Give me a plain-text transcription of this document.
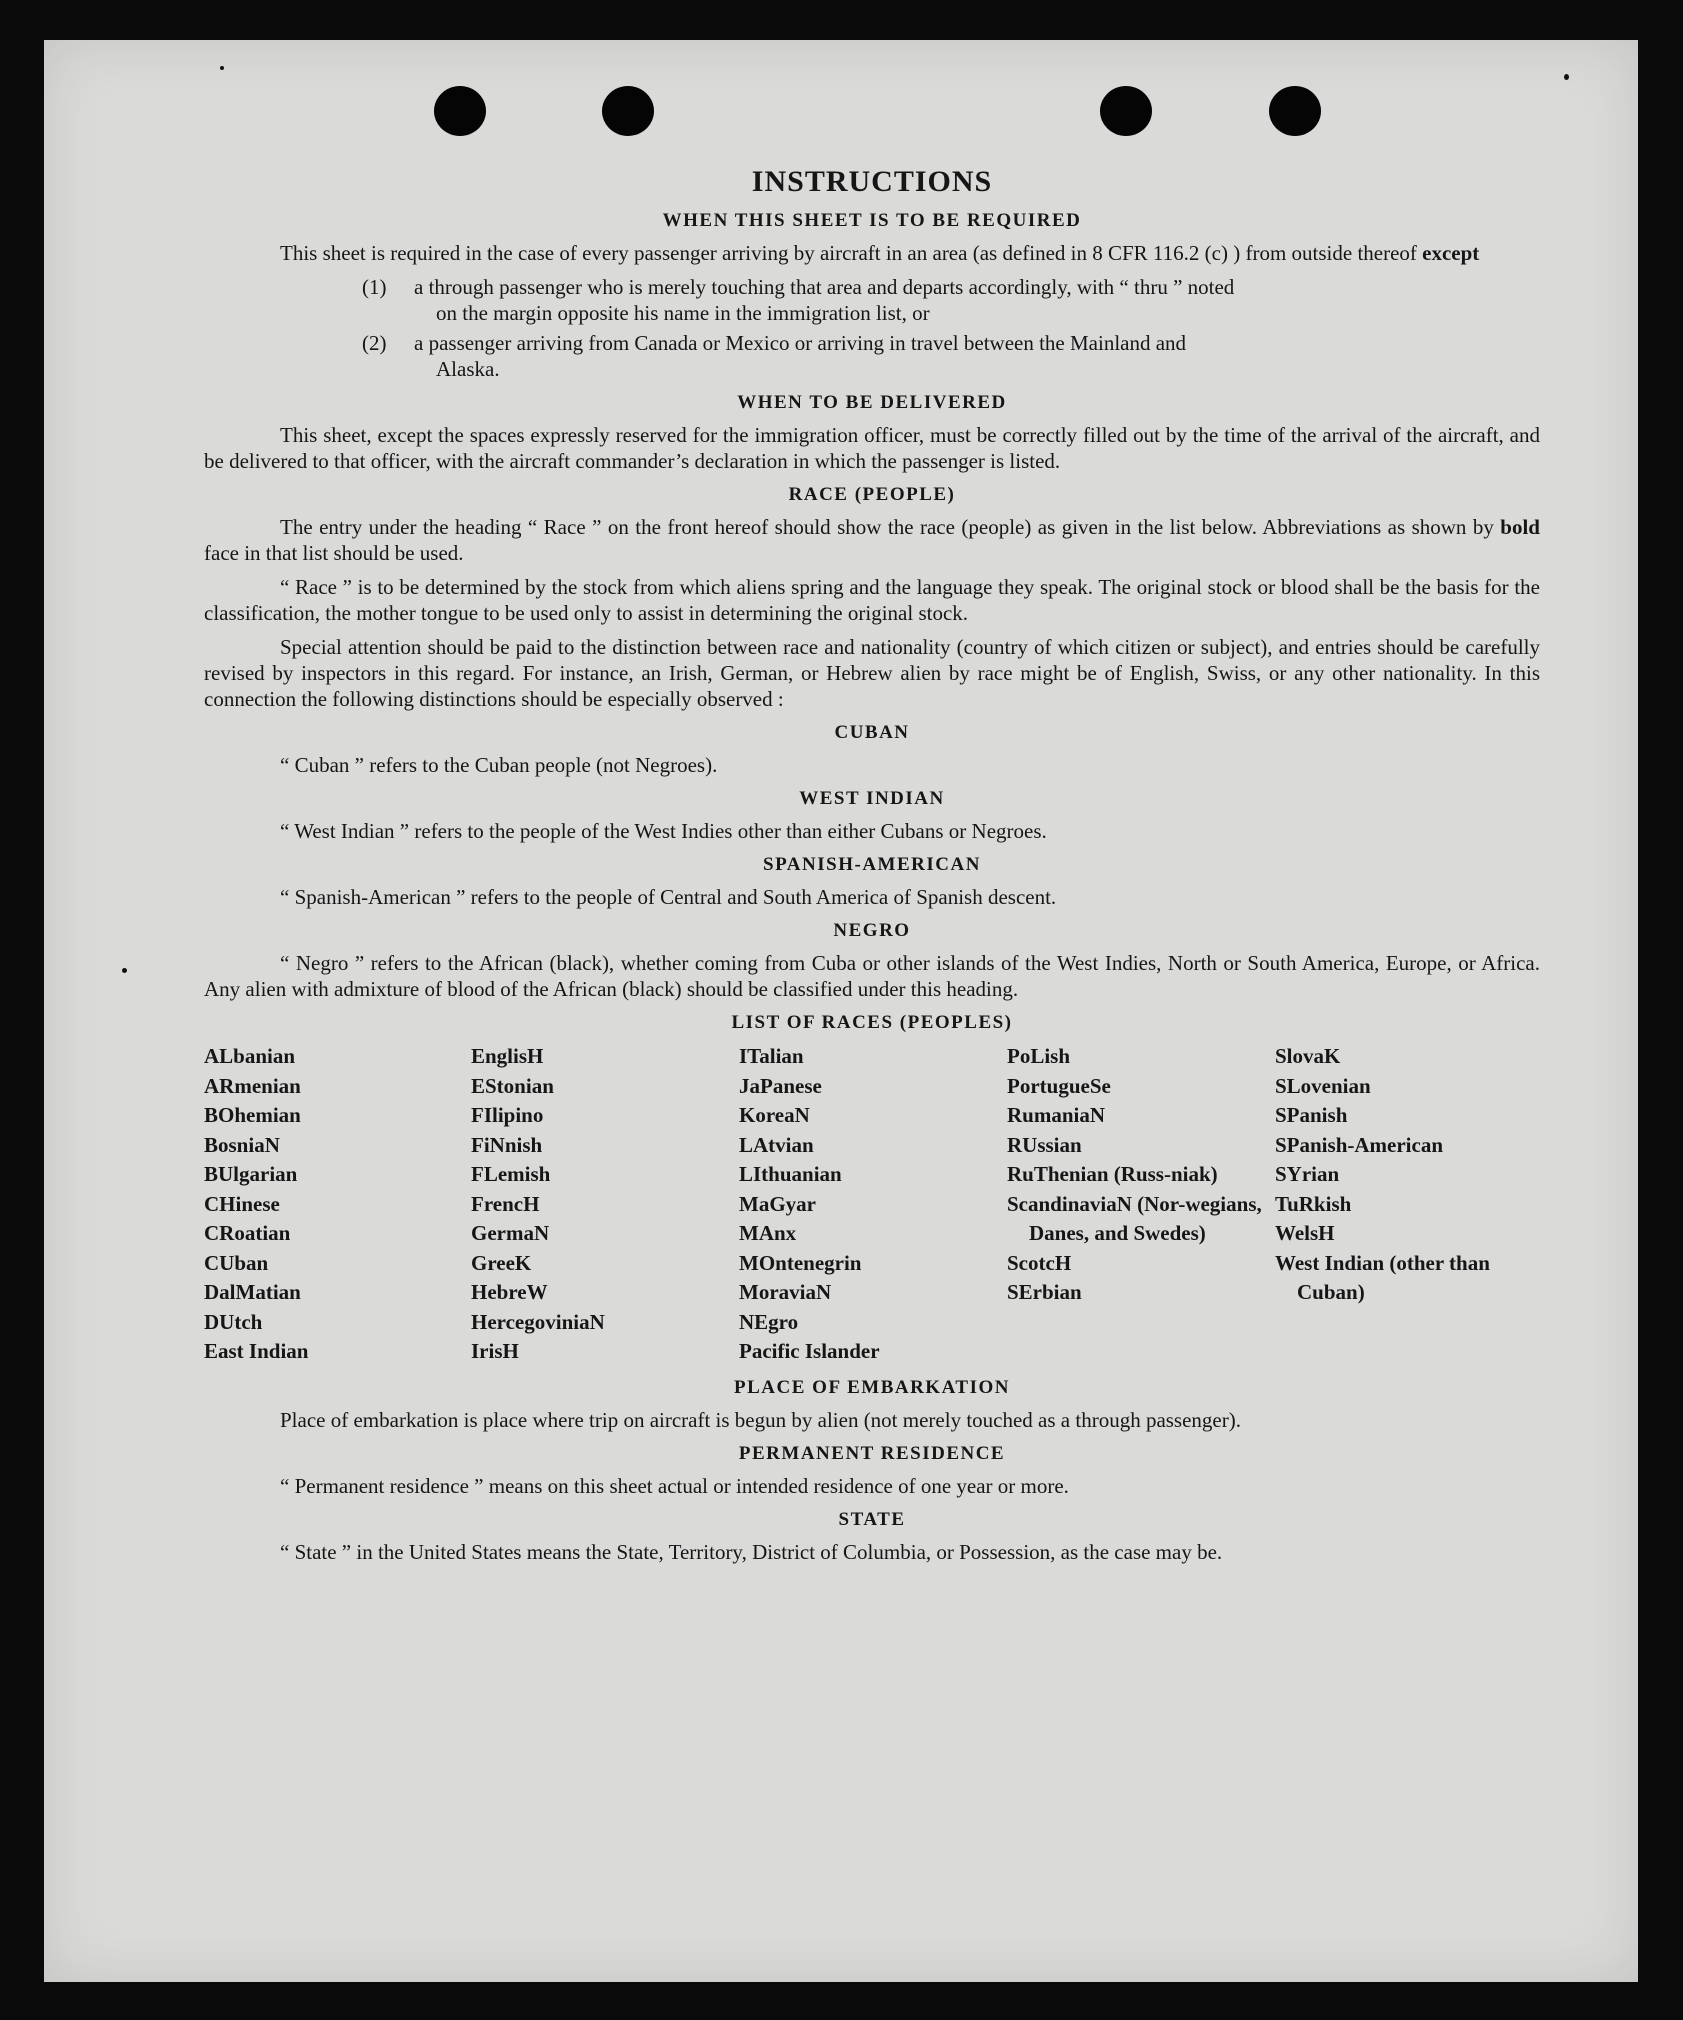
INSTRUCTIONS
WHEN THIS SHEET IS TO BE REQUIRED

This sheet is required in the case of every passenger arriving by aircraft in an area (as defined in 8 CFR 116.2 (c) ) from outside thereof except

(1)	a through passenger who is merely touching that area and departs accordingly, with “ thru ” noted
on the margin opposite his name in the immigration list, or
(2)	a passenger arriving from Canada or Mexico or arriving in travel between the Mainland and
Alaska.
WHEN TO BE DELIVERED

This sheet, except the spaces expressly reserved for the immigration officer, must be correctly filled out by the time of the arrival of the aircraft, and be delivered to that officer, with the aircraft commander’s declaration in which the passenger is listed.

RACE (PEOPLE)

The entry under the heading “ Race ” on the front hereof should show the race (people) as given in the list below. Abbreviations as shown by bold face in that list should be used.

“ Race ” is to be determined by the stock from which aliens spring and the language they speak. The original stock or blood shall be the basis for the classification, the mother tongue to be used only to assist in determining the original stock.

Special attention should be paid to the distinction between race and nationality (country of which citizen or subject), and entries should be carefully revised by inspectors in this regard. For instance, an Irish, German, or Hebrew alien by race might be of English, Swiss, or any other nationality. In this connection the following distinctions should be especially observed :

CUBAN

“ Cuban ” refers to the Cuban people (not Negroes).

WEST INDIAN

“ West Indian ” refers to the people of the West Indies other than either Cubans or Negroes.

SPANISH-AMERICAN

“ Spanish-American ” refers to the people of Central and South America of Spanish descent.

NEGRO

“ Negro ” refers to the African (black), whether coming from Cuba or other islands of the West Indies, North or South America, Europe, or Africa. Any alien with admixture of blood of the African (black) should be classified under this heading.

LIST OF RACES (PEOPLES)
ALbanian
ARmenian
BOhemian
BosniaN
BUlgarian
CHinese
CRoatian
CUban
DalMatian
DUtch
East Indian
EnglisH
EStonian
FIlipino
FiNnish
FLemish
FrencH
GermaN
GreeK
HebreW
HercegoviniaN
IrisH
ITalian
JaPanese
KoreaN
LAtvian
LIthuanian
MaGyar
MAnx
MOntenegrin
MoraviaN
NEgro
Pacific Islander
PoLish
PortugueSe
RumaniaN
RUssian
RuThenian (Russ-niak)
ScandinaviaN (Nor-wegians, Danes, and Swedes)
ScotcH
SErbian
SlovaK
SLovenian
SPanish
SPanish-American
SYrian
TuRkish
WelsH
West Indian (other than Cuban)
PLACE OF EMBARKATION

Place of embarkation is place where trip on aircraft is begun by alien (not merely touched as a through passenger).

PERMANENT RESIDENCE

“ Permanent residence ” means on this sheet actual or intended residence of one year or more.

STATE

“ State ” in the United States means the State, Territory, District of Columbia, or Possession, as the case may be.
